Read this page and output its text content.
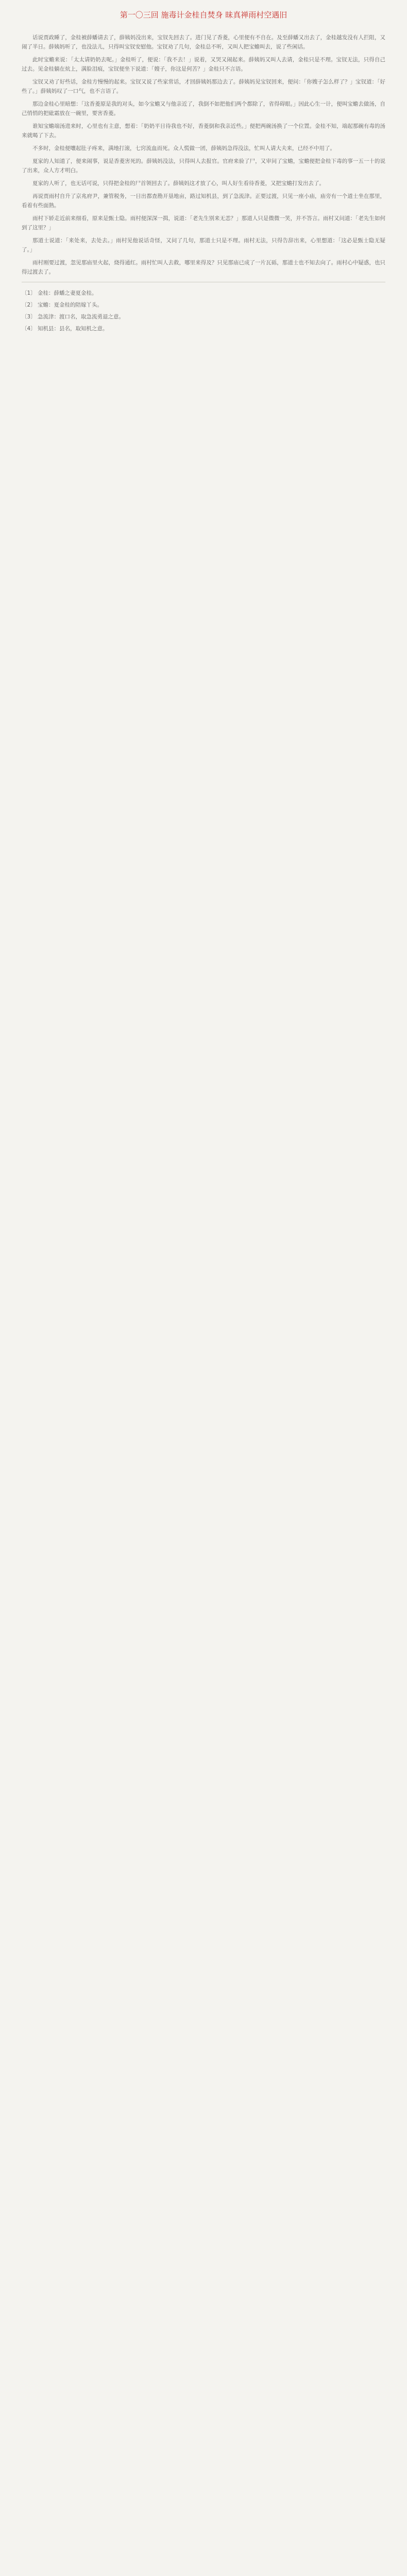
第一〇三回 施毒计金桂自焚身 昧真禅雨村空遇旧

话说贾政睡了，金桂被薛蟠请去了，薛姨妈没出来，宝钗先回去了。进门见了香菱，心里便有不自在。及至薛蟠又出去了，金桂越发没有人拦阻，又闹了半日。薛姨妈听了，也没法儿，只得叫宝钗安慰他。宝钗劝了几句，金桂总不听，又叫人把宝蟾叫去，说了些闲话。

此时宝蟾来说：「太太请奶奶去呢。」金桂听了，便说：「我不去！」说着，又哭又闹起来。薛姨妈又叫人去请，金桂只是不理。宝钗无法，只得自己过去。见金桂躺在炕上，满脸泪痕，宝钗便坐下说道：「嫂子，你这是何苦？」金桂只不言语。

宝钗又劝了好些话，金桂方慢慢的起来。宝钗又说了些家常话，才回薛姨妈那边去了。薛姨妈见宝钗回来，便问：「你嫂子怎么样了？」宝钗道：「好些了。」薛姨妈叹了一口气，也不言语了。

那边金桂心里暗想：「这香菱原是我的对头，如今宝蟾又与他亲近了，我倒不如把他们两个都除了，省得碍眼。」因此心生一计，便叫宝蟾去做汤，自己悄悄的把砒霜放在一碗里，要害香菱。

谁知宝蟾端汤进来时，心里也有主意，想着：「奶奶平日待我也不好，香菱倒和我亲近些。」便把两碗汤换了一个位置。金桂不知，端起那碗有毒的汤来就喝了下去。

不多时，金桂便嚷起肚子疼来，满地打滚，七窍流血而死。众人慌做一团，薛姨妈急得没法，忙叫人请大夫来，已经不中用了。

夏家的人知道了，便来闹事，说是香菱害死的。薛姨妈没法，只得叫人去报官。官府来验了尸，又审问了宝蟾，宝蟾便把金桂下毒的事一五一十的说了出来，众人方才明白。

夏家的人听了，也无话可说，只得把金桂的尸首领回去了。薛姨妈这才放了心，叫人好生看待香菱，又把宝蟾打发出去了。

再说贾雨村自升了京兆府尹，兼管税务，一日出都查勘开垦地亩，路过知机县，到了急流津。正要过渡，只见一座小庙，庙旁有一个道士坐在那里，看着有些面熟。

雨村下轿走近前来细看，原来是甄士隐。雨村便深深一揖，说道：「老先生别来无恙？」那道人只是微微一笑，并不答言。雨村又问道：「老先生如何到了这里？」

那道士说道：「来处来，去处去。」雨村见他说话奇怪，又问了几句，那道士只是不理。雨村无法，只得告辞出来，心里想道：「这必是甄士隐无疑了。」

雨村刚要过渡，忽见那庙里火起，烧得通红。雨村忙叫人去救，哪里来得及？只见那庙已成了一片瓦砾，那道士也不知去向了。雨村心中疑惑，也只得过渡去了。

〔1〕 金桂：薛蟠之妻夏金桂。

〔2〕 宝蟾：夏金桂的陪嫁丫头。

〔3〕 急流津：渡口名，取急流勇退之意。

〔4〕 知机县：县名，取知机之意。
